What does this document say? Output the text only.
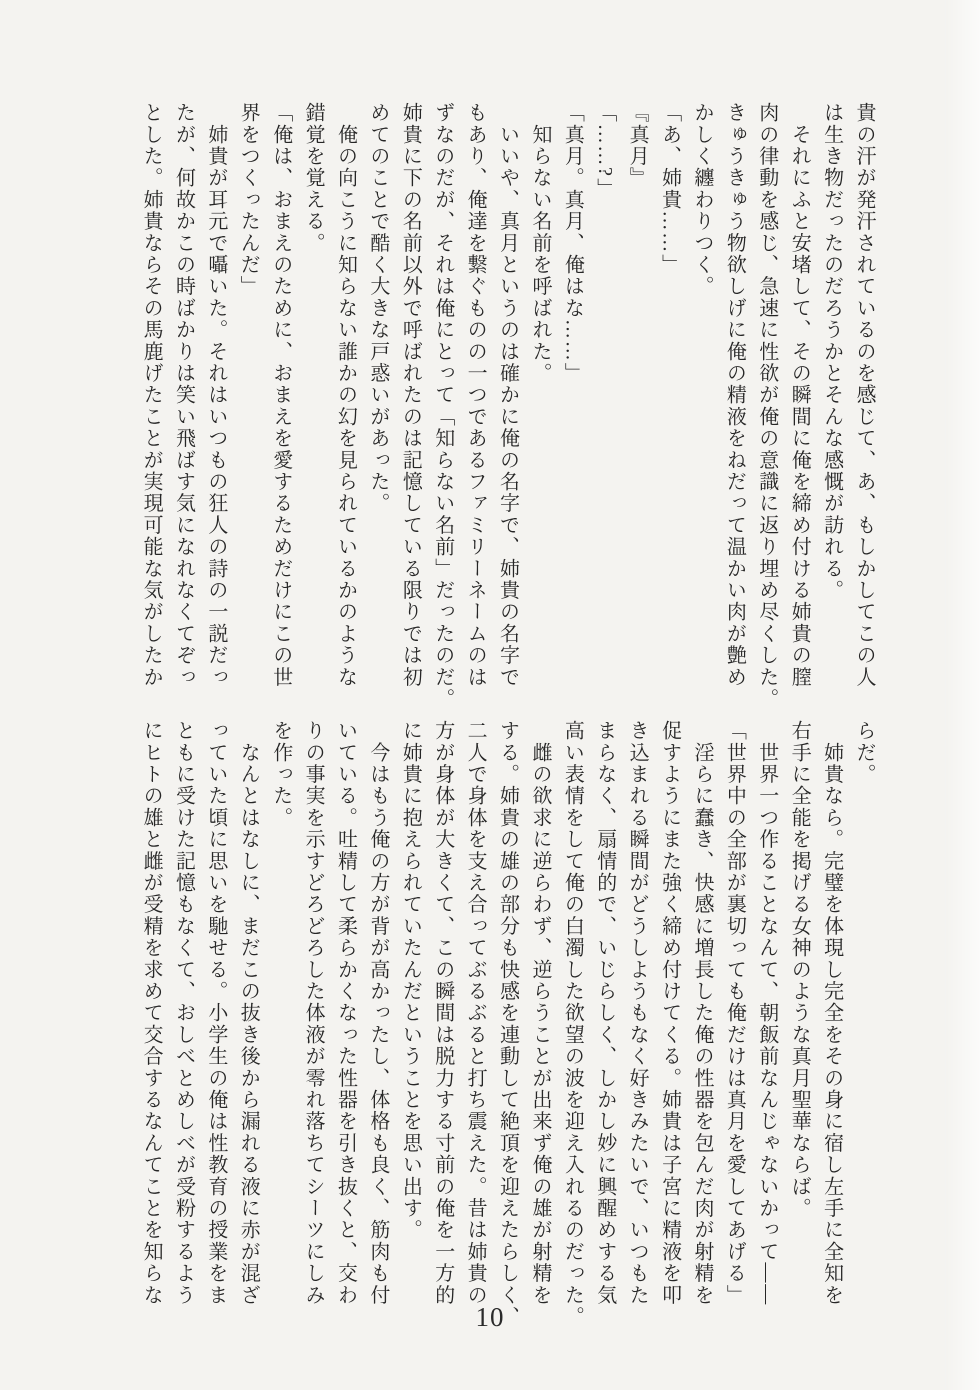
貴の汗が発汗されているのを感じて、あ、もしかしてこの人

は生き物だったのだろうかとそんな感慨が訪れる。

　それにふと安堵して、その瞬間に俺を締め付ける姉貴の膣

肉の律動を感じ、急速に性欲が俺の意識に返り埋め尽くした。

きゅうきゅう物欲しげに俺の精液をねだって温かい肉が艶め

かしく纏わりつく。

「あ、姉貴……」

『真月』

「……?」

「真月。真月、俺はな……」

　知らない名前を呼ばれた。

　いいや、真月というのは確かに俺の名字で、姉貴の名字で

もあり、俺達を繋ぐものの一つであるファミリーネームのは

ずなのだが、それは俺にとって「知らない名前」だったのだ。

姉貴に下の名前以外で呼ばれたのは記憶している限りでは初

めてのことで酷く大きな戸惑いがあった。

　俺の向こうに知らない誰かの幻を見られているかのような

錯覚を覚える。

「俺は、おまえのために、おまえを愛するためだけにこの世

界をつくったんだ」

　姉貴が耳元で囁いた。それはいつもの狂人の詩の一説だっ

たが、何故かこの時ばかりは笑い飛ばす気になれなくてぞっ

とした。姉貴ならその馬鹿げたことが実現可能な気がしたか

らだ。

　姉貴なら。完璧を体現し完全をその身に宿し左手に全知を

右手に全能を掲げる女神のような真月聖華ならば。

　世界一つ作ることなんて、朝飯前なんじゃないかって――

「世界中の全部が裏切っても俺だけは真月を愛してあげる」

　淫らに蠢き、快感に増長した俺の性器を包んだ肉が射精を

促すようにまた強く締め付けてくる。姉貴は子宮に精液を叩

き込まれる瞬間がどうしようもなく好きみたいで、いつもた

まらなく、扇情的で、いじらしく、しかし妙に興醒めする気

高い表情をして俺の白濁した欲望の波を迎え入れるのだった。

　雌の欲求に逆らわず、逆らうことが出来ず俺の雄が射精を

する。姉貴の雄の部分も快感を連動して絶頂を迎えたらしく、

二人で身体を支え合ってぶるぶると打ち震えた。昔は姉貴の

方が身体が大きくて、この瞬間は脱力する寸前の俺を一方的

に姉貴に抱えられていたんだということを思い出す。

　今はもう俺の方が背が高かったし、体格も良く、筋肉も付

いている。吐精して柔らかくなった性器を引き抜くと、交わ

りの事実を示すどろどろした体液が零れ落ちてシーツにしみ

を作った。

　なんとはなしに、まだこの抜き後から漏れる液に赤が混ざ

っていた頃に思いを馳せる。小学生の俺は性教育の授業をま

ともに受けた記憶もなくて、おしべとめしべが受粉するよう

にヒトの雄と雌が受精を求めて交合するなんてことを知らな

10
